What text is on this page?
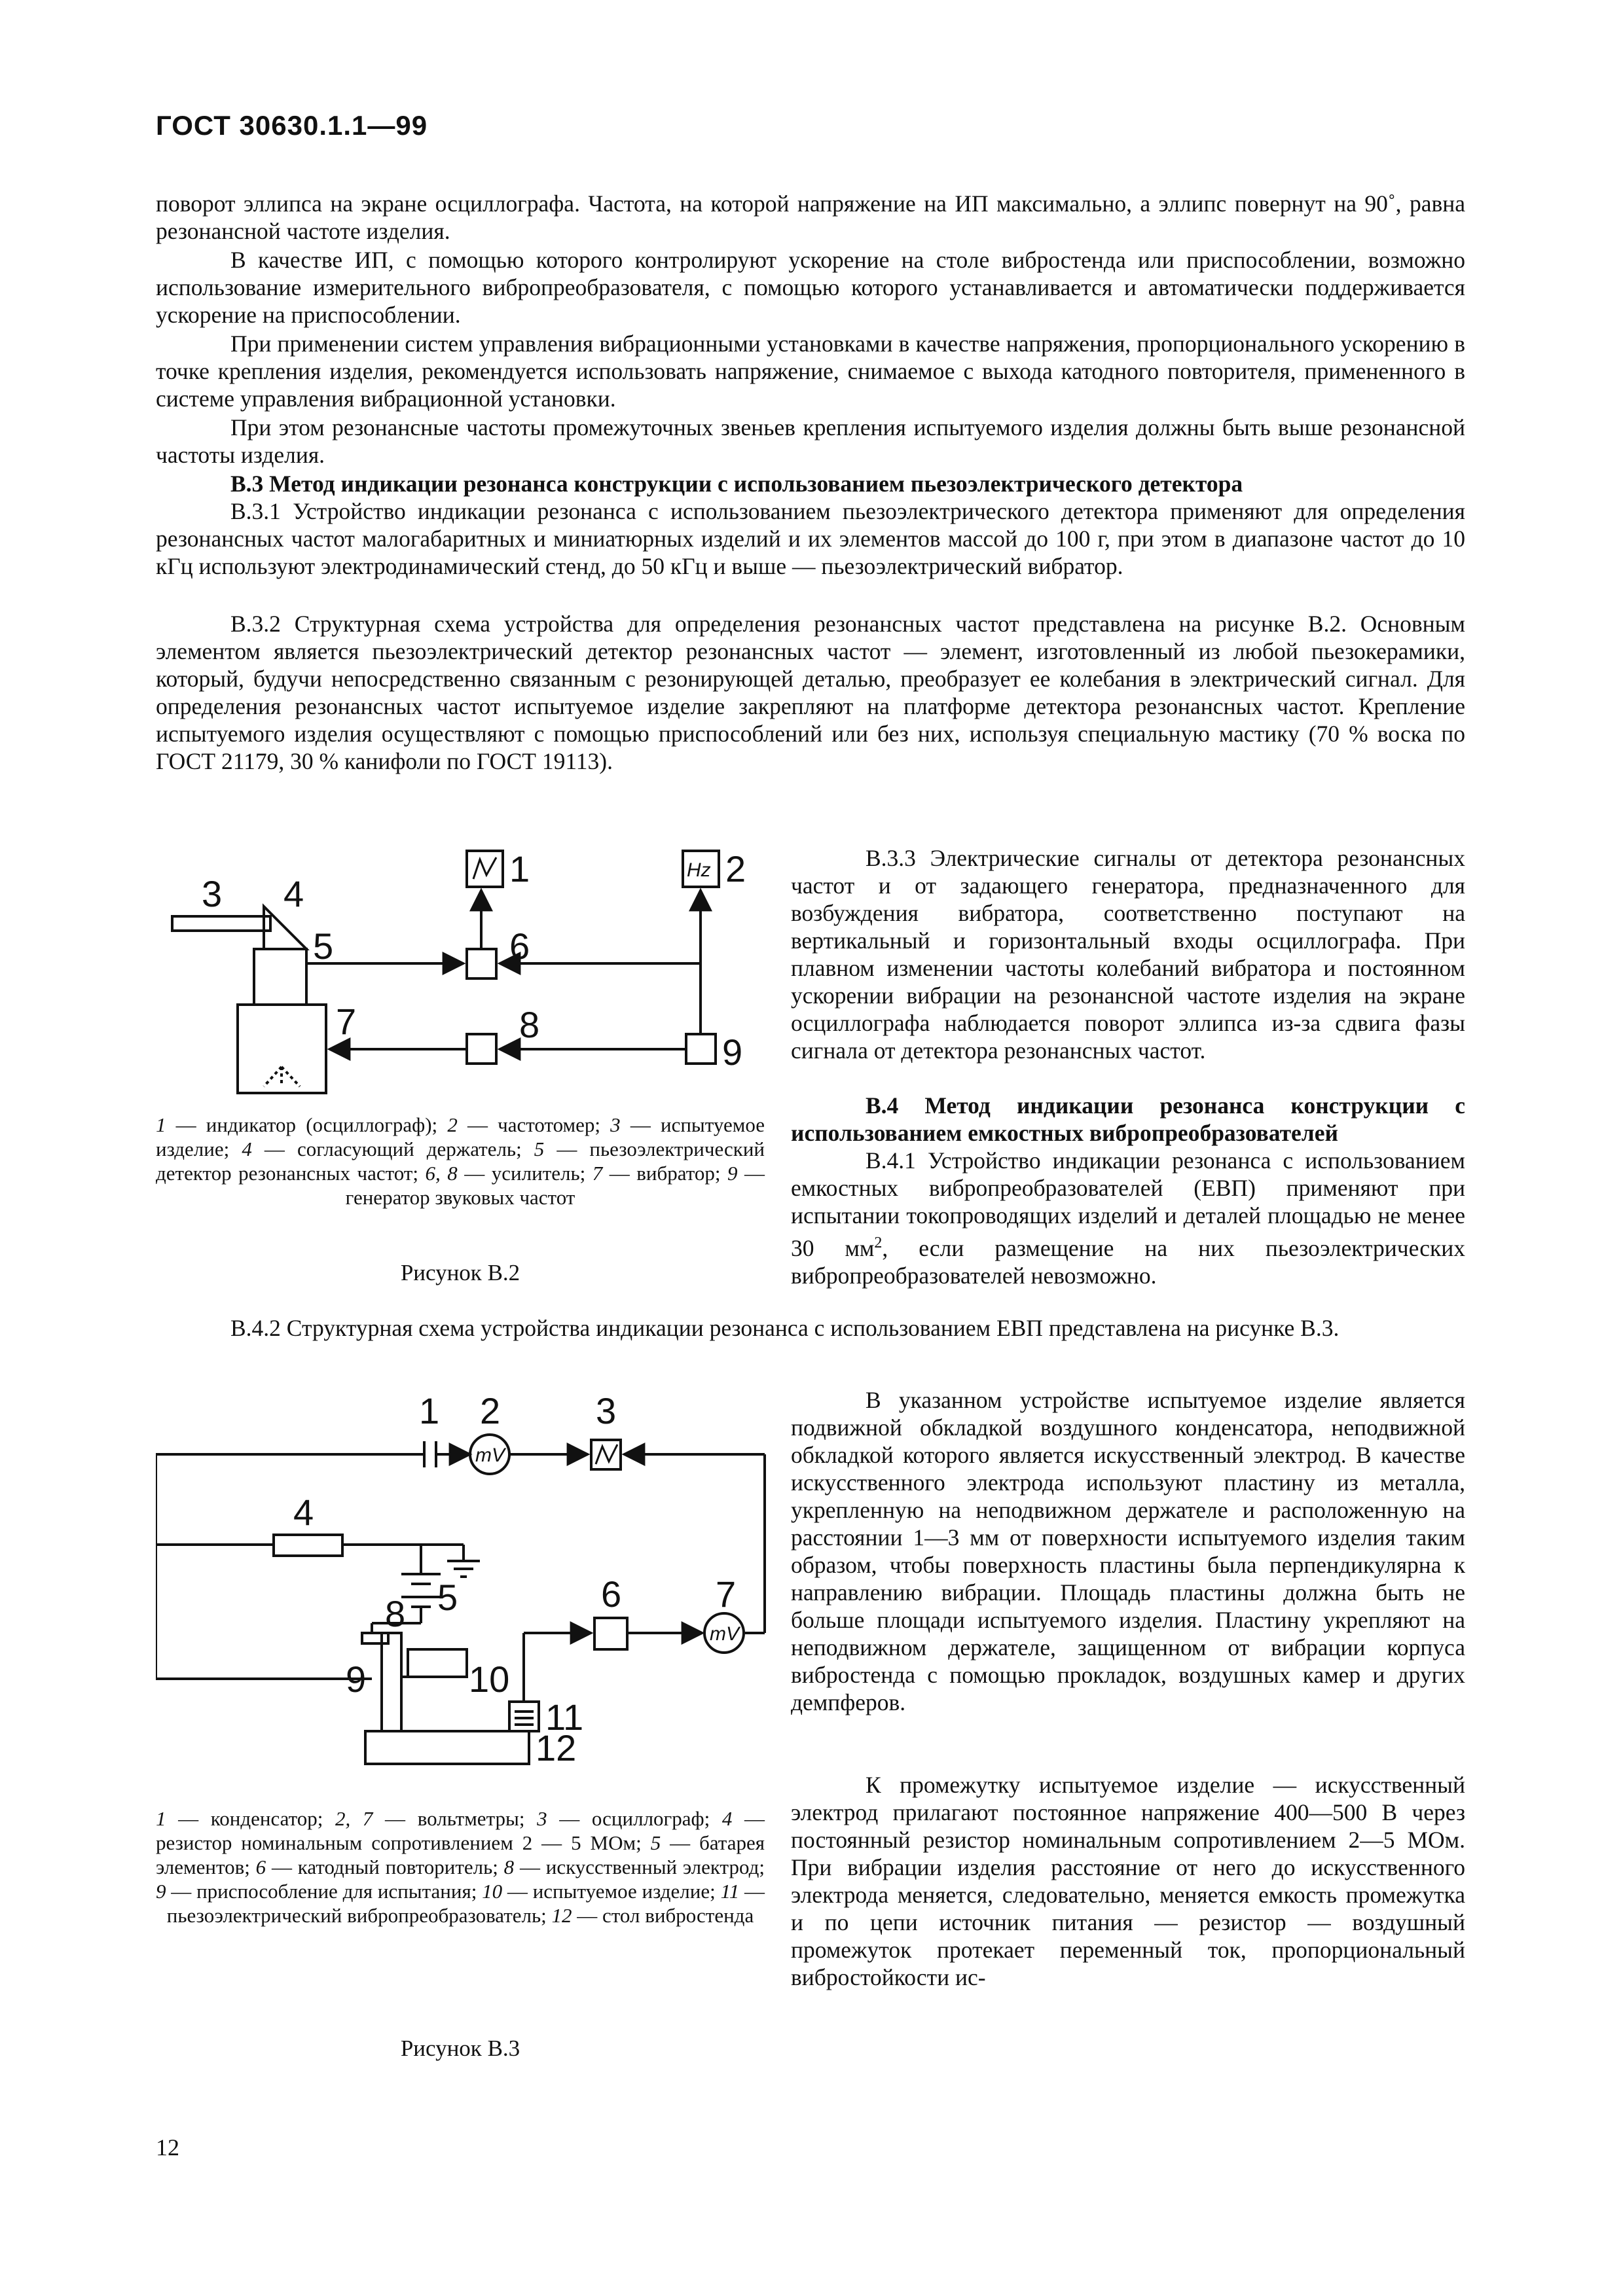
ГОСТ 30630.1.1—99

поворот эллипса на экране осциллографа. Частота, на которой напряжение на ИП максимально, а эллипс повернут на 90˚, равна резонансной частоте изделия.

В качестве ИП, с помощью которого контролируют ускорение на столе вибростенда или приспособлении, возможно использование измерительного вибропреобразователя, с помощью которого устанавливается и автоматически поддерживается ускорение на приспособлении.

При применении систем управления вибрационными установками в качестве напряжения, пропорционального ускорению в точке крепления изделия, рекомендуется использовать напряжение, снимаемое с выхода катодного повторителя, примененного в системе управления вибрационной установки.

При этом резонансные частоты промежуточных звеньев крепления испытуемого изделия должны быть выше резонансной частоты изделия.

В.3 Метод индикации резонанса конструкции с использованием пьезоэлектрического детектора

В.3.1 Устройство индикации резонанса с использованием пьезоэлектрического детектора применяют для определения резонансных частот малогабаритных и миниатюрных изделий и их элементов массой до 100 г, при этом в диапазоне частот до 10 кГц используют электродинамический стенд, до 50 кГц и выше — пьезоэлектрический вибратор.

В.3.2 Структурная схема устройства для определения резонансных частот представлена на рисунке В.2. Основным элементом является пьезоэлектрический детектор резонансных частот — элемент, изготовленный из любой пьезокерамики, который, будучи непосредственно связанным с резонирующей деталью, преобразует ее колебания в электрический сигнал. Для определения резонансных частот испытуемое изделие закрепляют на платформе детектора резонансных частот. Крепление испытуемого изделия осуществляют с помощью приспособлений или без них, используя специальную мастику (70 % воска по ГОСТ 21179, 30 % канифоли по ГОСТ 19113).

3 4
5	6
7	8
9
1	2
Hz

1 — индикатор (осциллограф); 2 — частотомер; 3 — испытуемое изделие; 4 — согласующий держатель; 5 — пьезоэлектрический детектор резонансных частот; 6, 8 — усилитель; 7 — вибратор; 9 — генератор звуковых частот

Рисунок В.2

В.3.3 Электрические сигналы от детектора резонансных частот и от задающего генератора, предназначенного для возбуждения вибратора, соответственно поступают на вертикальный и горизонтальный входы осциллографа. При плавном изменении частоты колебаний вибратора и постоянном ускорении вибрации на резонансной частоте изделия на экране осциллографа наблюдается поворот эллипса из-за сдвига фазы сигнала от детектора резонансных частот.

В.4 Метод индикации резонанса конструкции с использованием емкостных вибропреобразователей

В.4.1 Устройство индикации резонанса с использованием емкостных вибропреобразователей (ЕВП) применяют при испытании токопроводящих изделий и деталей площадью не менее 30 $мм^2$, если размещение на них пьезоэлектрических вибропреобразователей невозможно.

В.4.2 Структурная схема устройства индикации резонанса с использованием ЕВП представлена на рисунке В.3.

1 2	3
4
5	6	7
8
9	10
11
12
mV
mV

1 — конденсатор; 2, 7 — вольтметры; 3 — осциллограф; 4 — резистор номинальным сопротивлением 2 — 5 МОм; 5 — батарея элементов; 6 — катодный повторитель; 8 — искусственный электрод; 9 — приспособление для испытания; 10 — испытуемое изделие; 11 — пьезоэлектрический вибропреобразователь; 12 — стол вибростенда

Рисунок В.3

В указанном устройстве испытуемое изделие является подвижной обкладкой воздушного конденсатора, неподвижной обкладкой которого является искусственный электрод. В качестве искусственного электрода используют пластину из металла, укрепленную на неподвижном держателе и расположенную на расстоянии 1—3 мм от поверхности испытуемого изделия таким образом, чтобы поверхность пластины была перпендикулярна к направлению вибрации. Площадь пластины должна быть не больше площади испытуемого изделия. Пластину укрепляют на неподвижном держателе, защищенном от вибрации корпуса вибростенда с помощью прокладок, воздушных камер и других демпферов.

К промежутку испытуемое изделие — искусственный электрод прилагают постоянное напряжение 400—500 В через постоянный резистор номинальным сопротивлением 2—5 МОм. При вибрации изделия расстояние от него до искусственного электрода меняется, следовательно, меняется емкость промежутка и по цепи источник питания — резистор — воздушный промежуток протекает переменный ток, пропорциональный вибростойкости ис-

12
